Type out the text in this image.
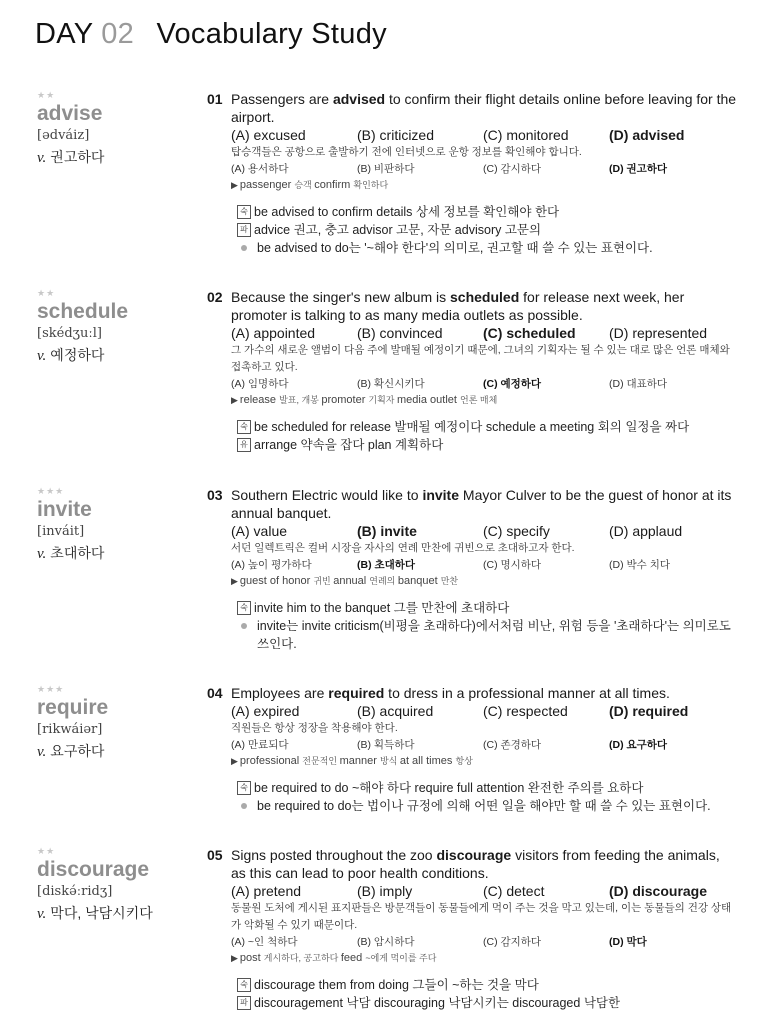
DAY 02 Vocabulary Study
★★
advise
[ədváiz]
v. 권고하다
01 Passengers are advised to confirm their flight details online before leaving for the airport.
(A) excused	(B) criticized	(C) monitored	(D) advised
탑승객들은 공항으로 출발하기 전에 인터넷으로 운항 정보를 확인해야 합니다.
(A) 용서하다	(B) 비판하다	(C) 감시하다	(D) 권고하다
▶ passenger 승객 confirm 확인하다
숙 be advised to confirm details 상세 정보를 확인해야 한다
파 advice 권고, 충고 advisor 고문, 자문 advisory 고문의
be advised to do는 '~해야 한다'의 의미로, 권고할 때 쓸 수 있는 표현이다.
★★
schedule
[skédʒuːl]
v. 예정하다
02 Because the singer's new album is scheduled for release next week, her promoter is talking to as many media outlets as possible.
(A) appointed	(B) convinced	(C) scheduled	(D) represented
그 가수의 새로운 앨범이 다음 주에 발매될 예정이기 때문에, 그녀의 기획자는 될 수 있는 대로 많은 언론 매체와 접촉하고 있다.
(A) 임명하다	(B) 확신시키다	(C) 예정하다	(D) 대표하다
▶ release 발표, 개봉 promoter 기획자 media outlet 언론 매체
숙 be scheduled for release 발매될 예정이다 schedule a meeting 회의 일정을 짜다
유 arrange 약속을 잡다 plan 계획하다
★★★
invite
[inváit]
v. 초대하다
03 Southern Electric would like to invite Mayor Culver to be the guest of honor at its annual banquet.
(A) value	(B) invite	(C) specify	(D) applaud
서던 일렉트릭은 컬버 시장을 자사의 연례 만찬에 귀빈으로 초대하고자 한다.
(A) 높이 평가하다	(B) 초대하다	(C) 명시하다	(D) 박수 치다
▶ guest of honor 귀빈 annual 연례의 banquet 만찬
숙 invite him to the banquet 그를 만찬에 초대하다
invite는 invite criticism(비평을 초래하다)에서처럼 비난, 위험 등을 '초래하다'는 의미로도 쓰인다.
★★★
require
[rikwáiər]
v. 요구하다
04 Employees are required to dress in a professional manner at all times.
(A) expired	(B) acquired	(C) respected	(D) required
직원들은 항상 정장을 착용해야 한다.
(A) 만료되다	(B) 획득하다	(C) 존경하다	(D) 요구하다
▶ professional 전문적인 manner 방식 at all times 항상
숙 be required to do ~해야 하다 require full attention 완전한 주의를 요하다
be required to do는 법이나 규정에 의해 어떤 일을 해야만 할 때 쓸 수 있는 표현이다.
★★
discourage
[diskə́ːridʒ]
v. 막다, 낙담시키다
05 Signs posted throughout the zoo discourage visitors from feeding the animals, as this can lead to poor health conditions.
(A) pretend	(B) imply	(C) detect	(D) discourage
동물원 도처에 게시된 표지판들은 방문객들이 동물들에게 먹이 주는 것을 막고 있는데, 이는 동물들의 건강 상태가 악화될 수 있기 때문이다.
(A) ~인 척하다	(B) 암시하다	(C) 감지하다	(D) 막다
▶ post 게시하다, 공고하다 feed ~에게 먹이를 주다
숙 discourage them from doing 그들이 ~하는 것을 막다
파 discouragement 낙담 discouraging 낙담시키는 discouraged 낙담한
